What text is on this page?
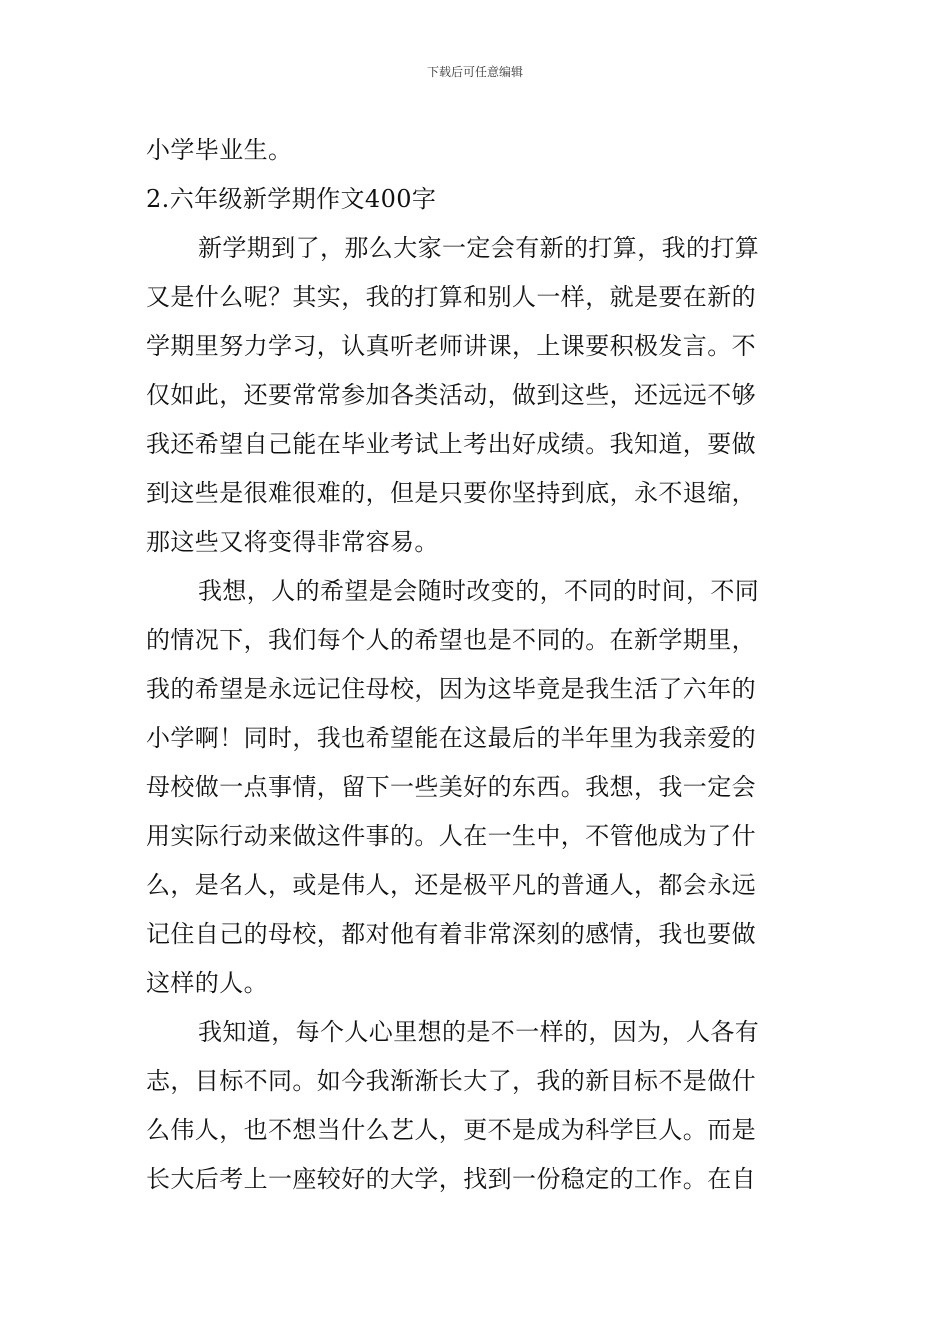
下载后可任意编辑
小学毕业生。
2.六年级新学期作文400字
新学期到了，那么大家一定会有新的打算，我的打算
又是什么呢？其实，我的打算和别人一样，就是要在新的
学期里努力学习，认真听老师讲课，上课要积极发言。不
仅如此，还要常常参加各类活动，做到这些，还远远不够
我还希望自己能在毕业考试上考出好成绩。我知道，要做
到这些是很难很难的，但是只要你坚持到底，永不退缩，
那这些又将变得非常容易。
我想，人的希望是会随时改变的，不同的时间，不同
的情况下，我们每个人的希望也是不同的。在新学期里，
我的希望是永远记住母校，因为这毕竟是我生活了六年的
小学啊！同时，我也希望能在这最后的半年里为我亲爱的
母校做一点事情，留下一些美好的东西。我想，我一定会
用实际行动来做这件事的。人在一生中，不管他成为了什
么，是名人，或是伟人，还是极平凡的普通人，都会永远
记住自己的母校，都对他有着非常深刻的感情，我也要做
这样的人。
我知道，每个人心里想的是不一样的，因为，人各有
志，目标不同。如今我渐渐长大了，我的新目标不是做什
么伟人，也不想当什么艺人，更不是成为科学巨人。而是
长大后考上一座较好的大学，找到一份稳定的工作。在自
